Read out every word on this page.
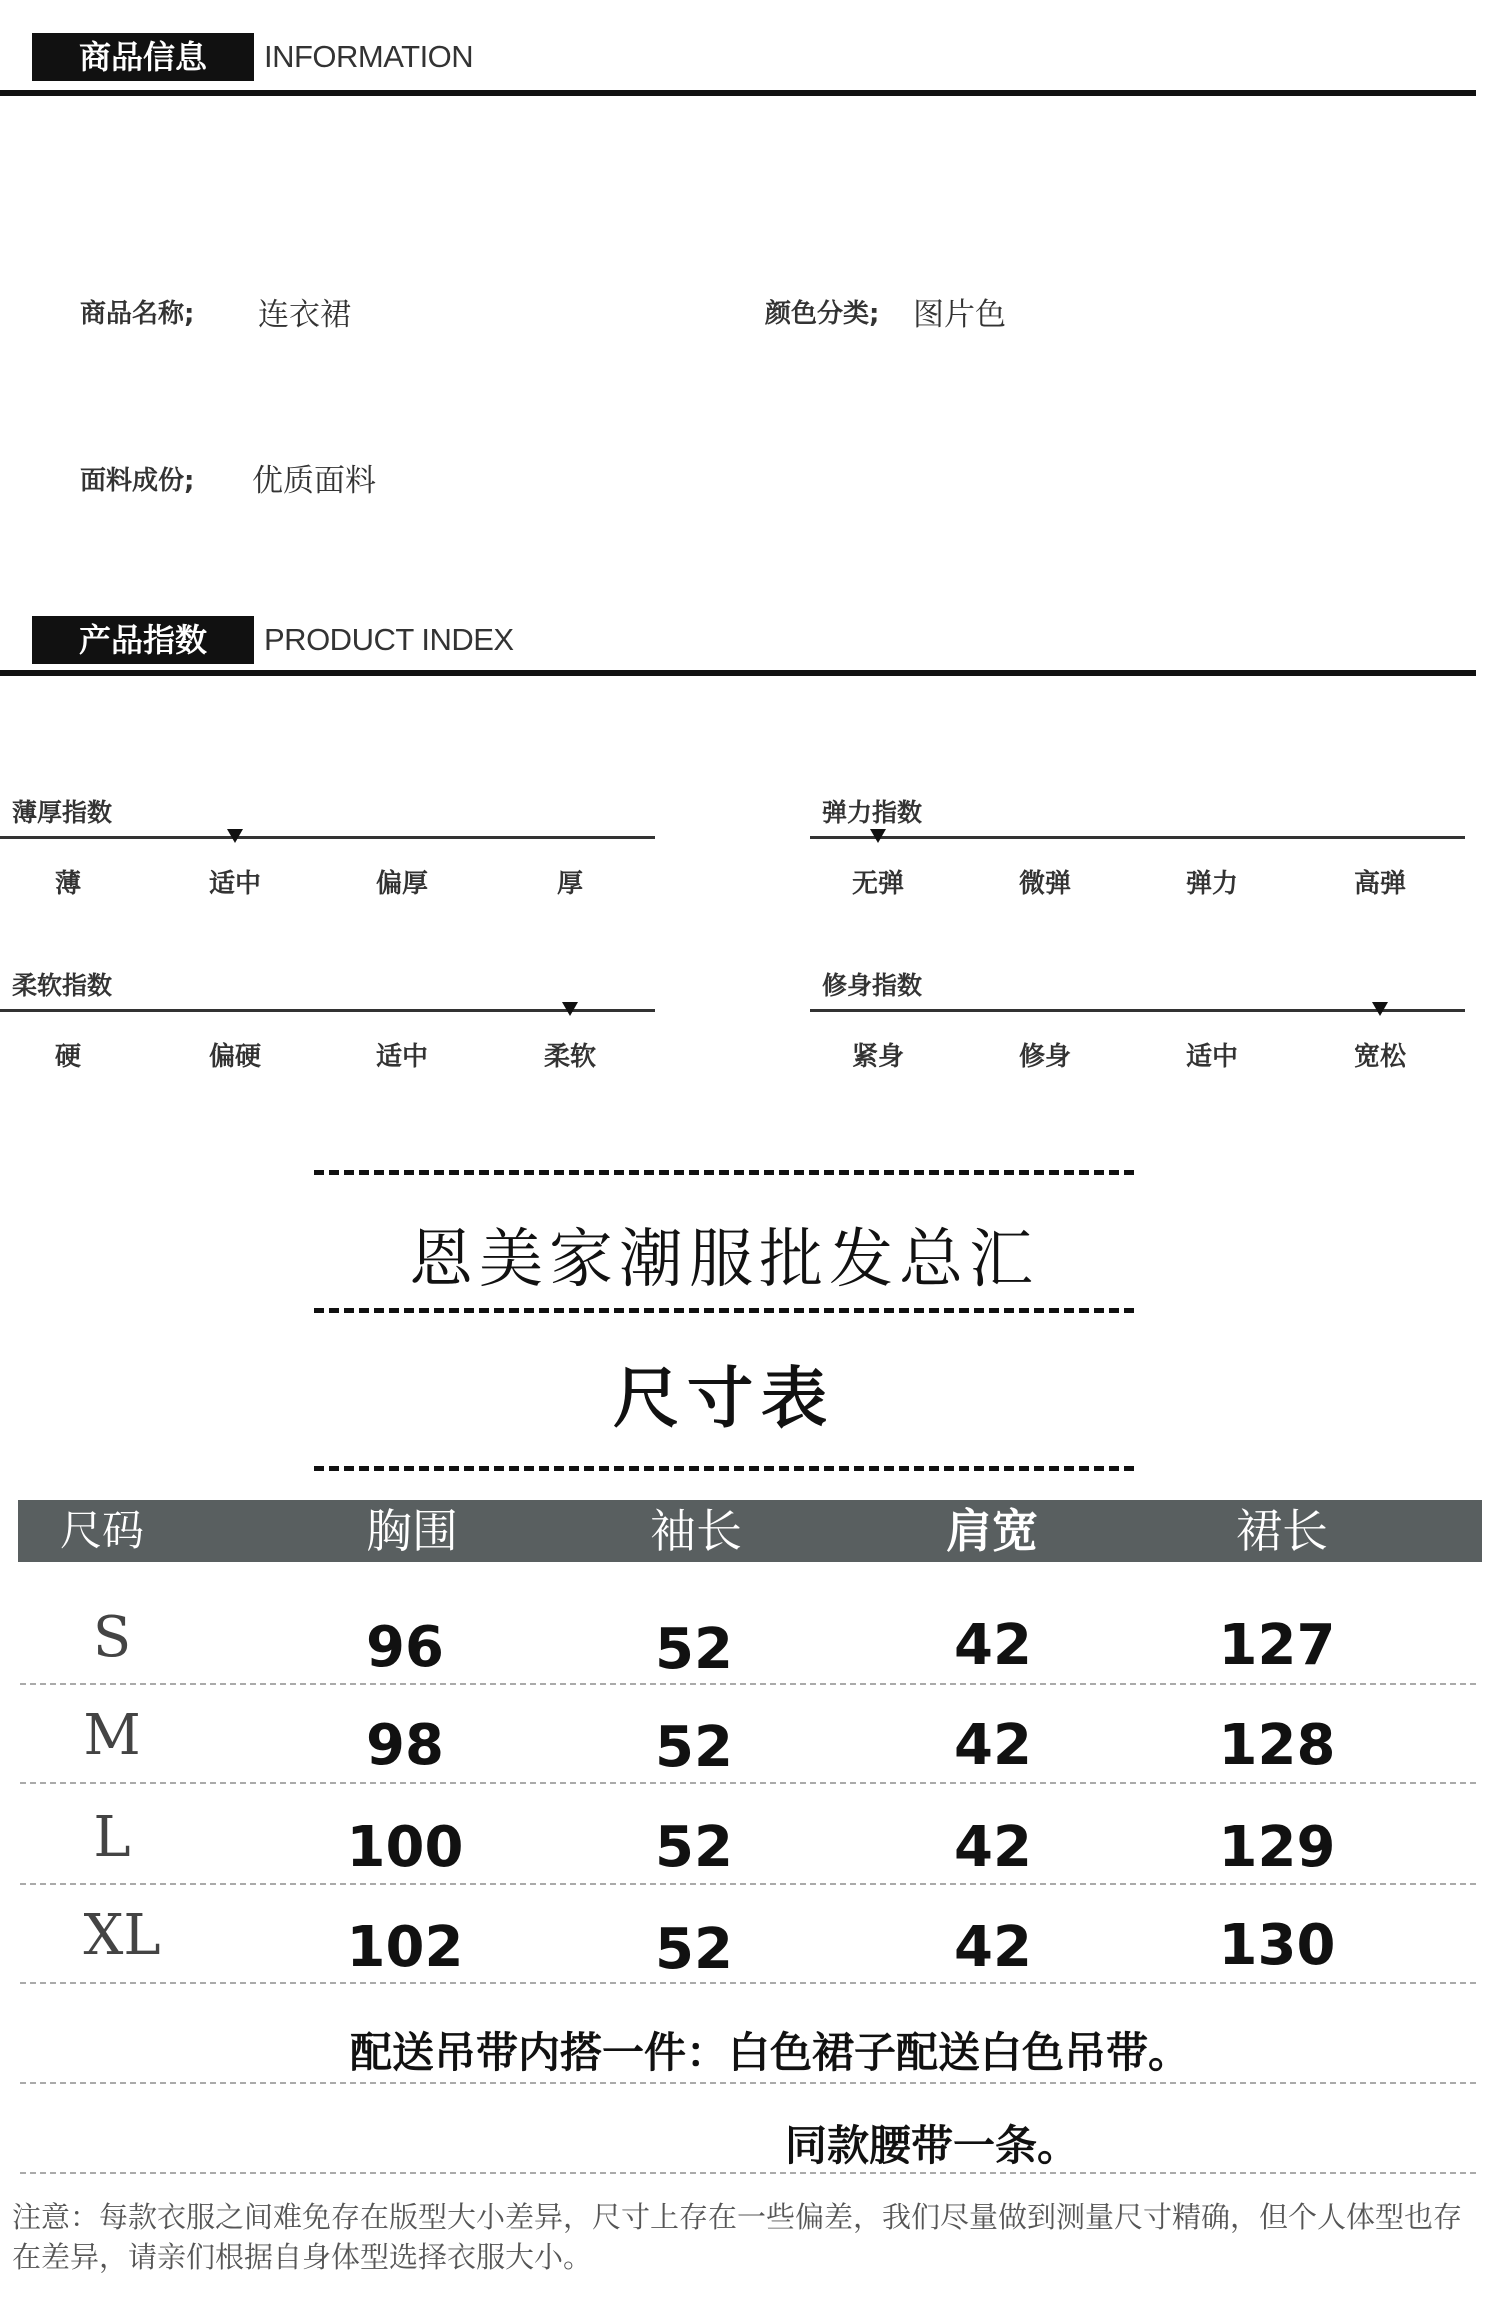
商品信息	INFORMATION
商品名称; 连衣裙	颜色分类; 图片色
面料成份; 优质面料
产品指数	PRODUCT INDEX
薄厚指数
薄	适中	偏厚	厚
弹力指数
无弹	微弹	弹力	高弹
柔软指数
硬	偏硬	适中	柔软
修身指数
紧身	修身	适中	宽松
恩美家潮服批发总汇
尺寸表
尺码	胸围	袖长	肩宽	裙长
S	96	52	42	127
M	98	52	42	128
L	100	52	42	129
XL	102	52	42	130
配送吊带内搭一件：白色裙子配送白色吊带。
同款腰带一条。
注意：每款衣服之间难免存在版型大小差异，尺寸上存在一些偏差，我们尽量做到测量尺寸精确，但个人体型也存在差异，请亲们根据自身体型选择衣服大小。
